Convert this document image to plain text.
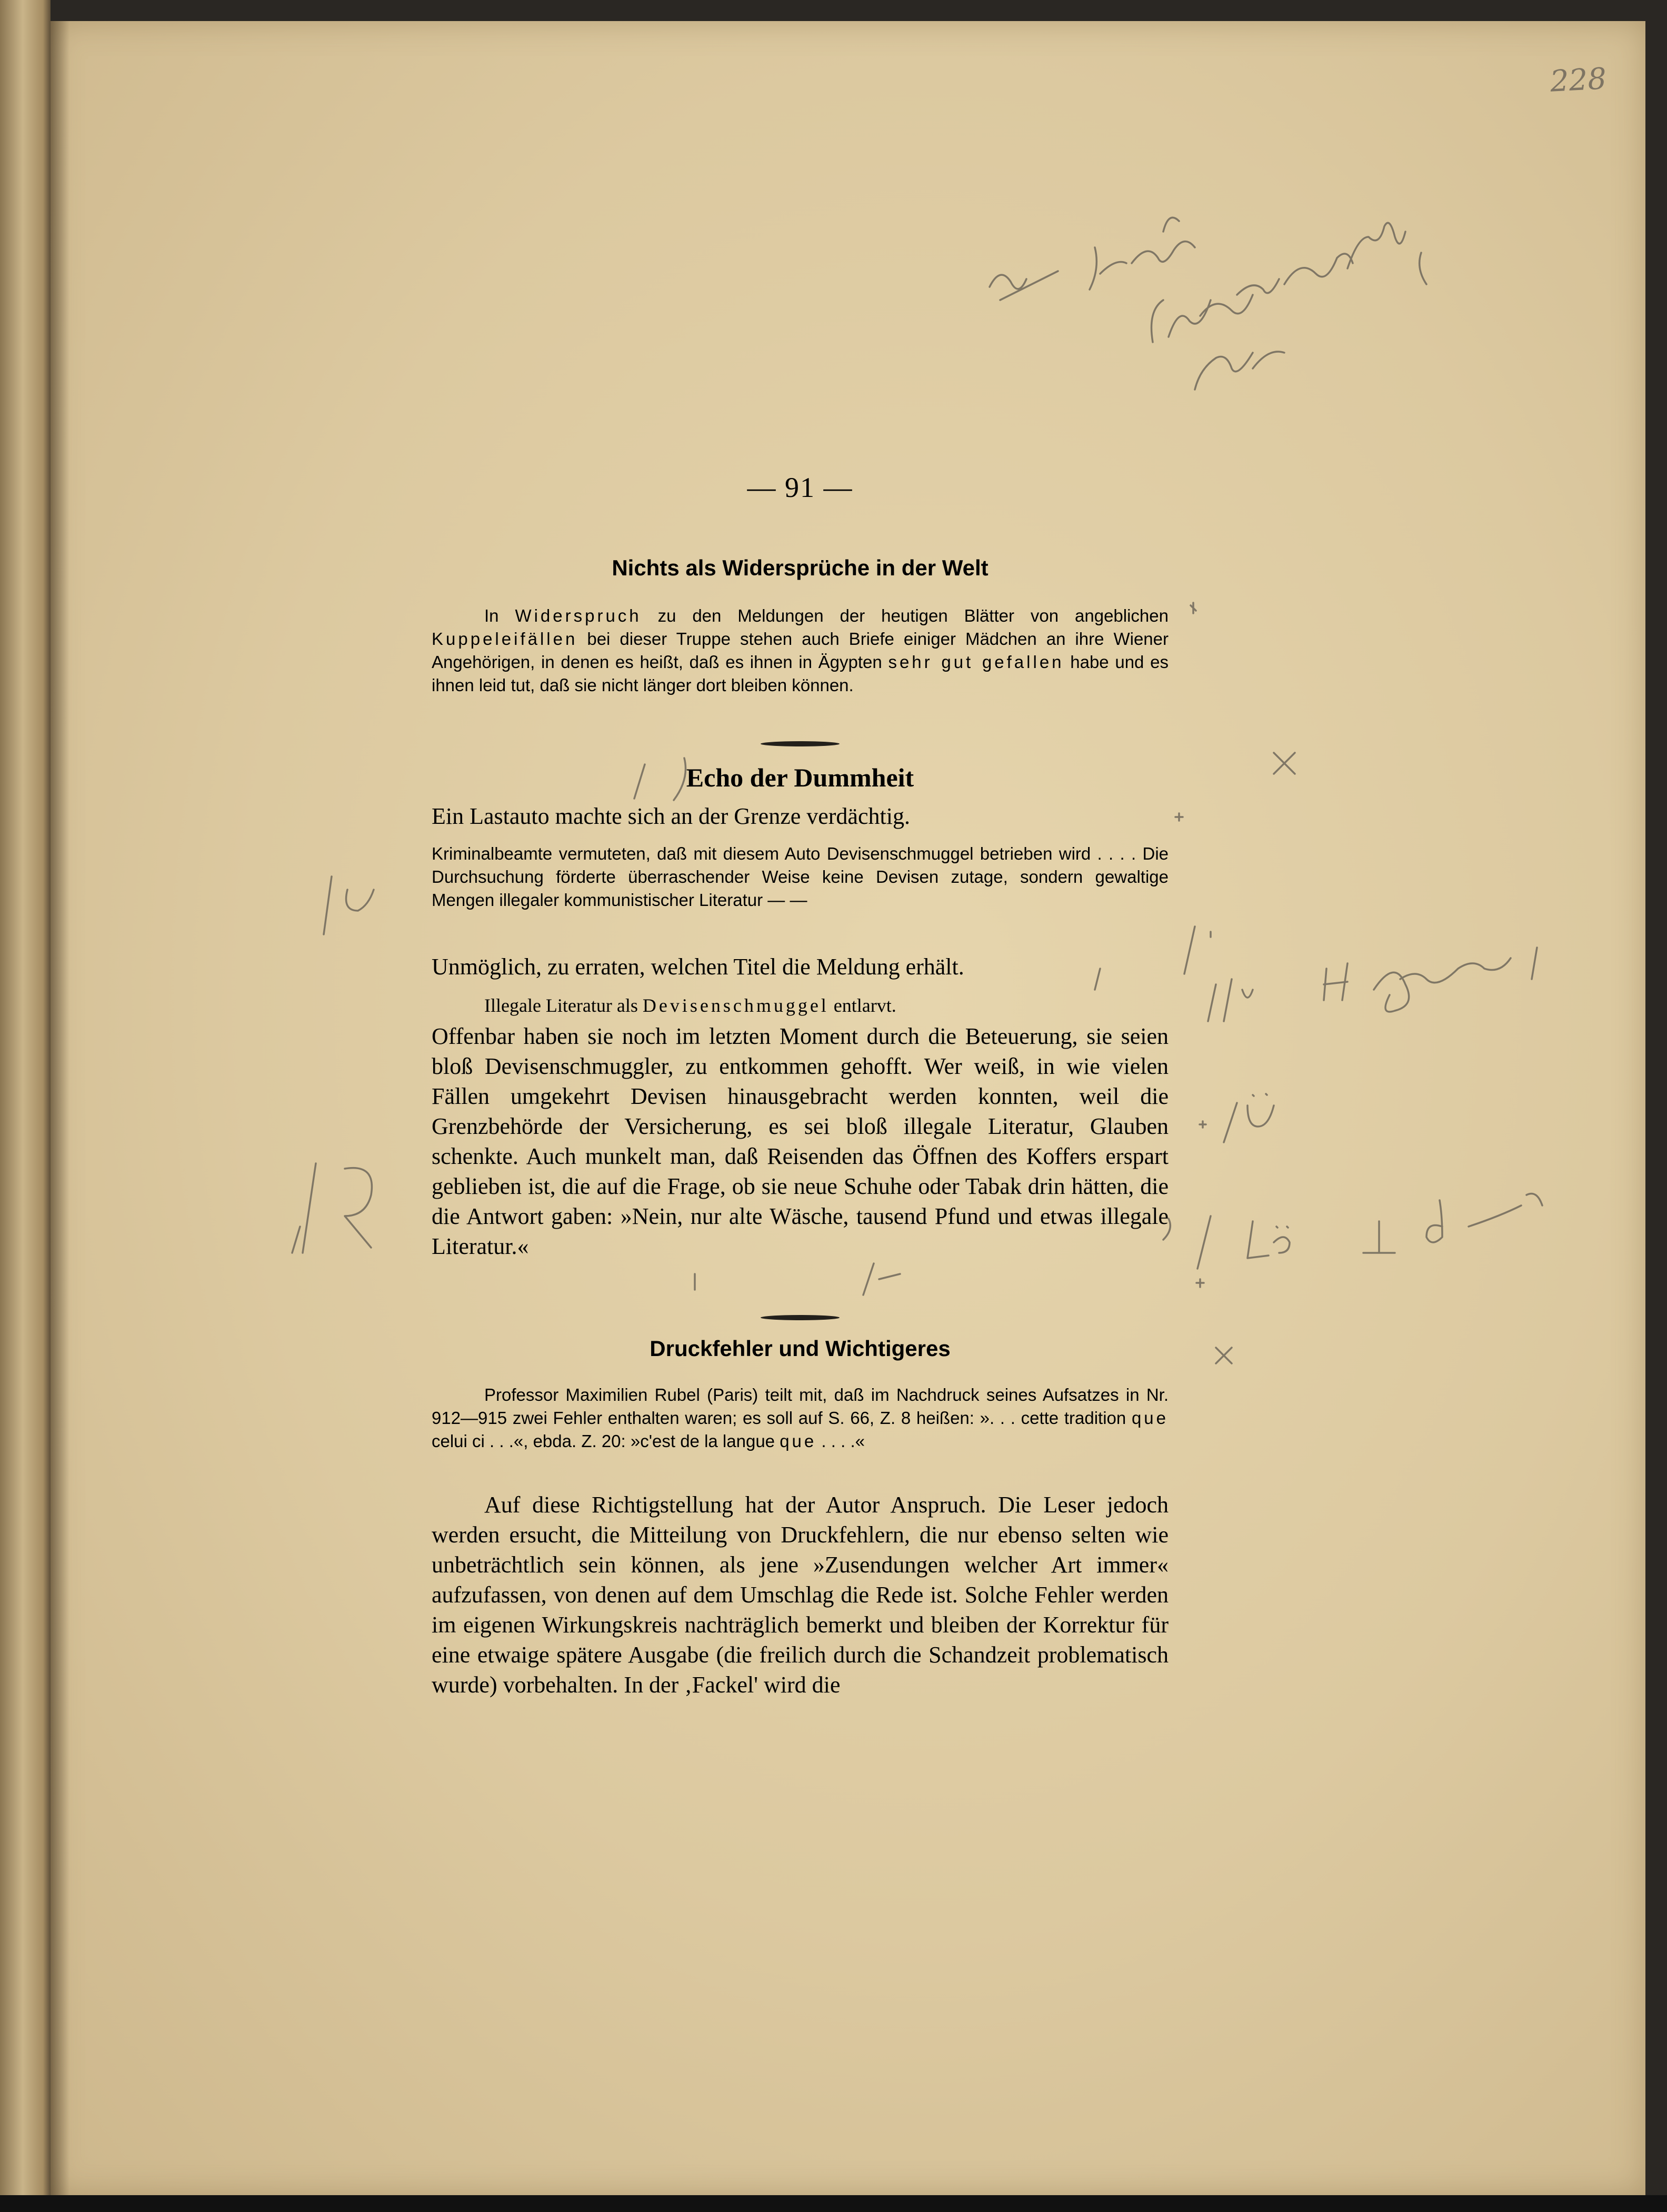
228
— 91 —
Nichts als Widersprüche in der Welt

In Widerspruch zu den Meldungen der heutigen Blätter von angeblichen Kuppeleifällen bei dieser Truppe stehen auch Briefe einiger Mädchen an ihre Wiener Angehörigen, in denen es heißt, daß es ihnen in Ägypten sehr gut gefallen habe und es ihnen leid tut, daß sie nicht länger dort bleiben können.

Echo der Dummheit

Ein Lastauto machte sich an der Grenze verdächtig.

Kriminalbeamte vermuteten, daß mit diesem Auto Devisenschmuggel betrieben wird . . . . Die Durchsuchung förderte überraschender Weise keine Devisen zutage, sondern gewaltige Mengen illegaler kommunistischer Literatur — —

Unmöglich, zu erraten, welchen Titel die Meldung erhält.

Illegale Literatur als Devisenschmuggel entlarvt.

Offenbar haben sie noch im letzten Moment durch die Beteuerung, sie seien bloß Devisenschmuggler, zu entkommen gehofft. Wer weiß, in wie vielen Fällen umgekehrt Devisen hinausgebracht werden konnten, weil die Grenzbehörde der Versicherung, es sei bloß illegale Literatur, Glauben schenkte. Auch munkelt man, daß Reisenden das Öffnen des Koffers erspart geblieben ist, die auf die Frage, ob sie neue Schuhe oder Tabak drin hätten, die die Antwort gaben: »Nein, nur alte Wäsche, tausend Pfund und etwas illegale Literatur.«

Druckfehler und Wichtigeres

Professor Maximilien Rubel (Paris) teilt mit, daß im Nachdruck seines Aufsatzes in Nr. 912—915 zwei Fehler enthalten waren; es soll auf S. 66, Z. 8 heißen: ». . . cette tradition que celui ci . . .«, ebda. Z. 20: »c'est de la langue que . . . .«

Auf diese Richtigstellung hat der Autor Anspruch. Die Leser jedoch werden ersucht, die Mitteilung von Druckfehlern, die nur ebenso selten wie unbeträchtlich sein können, als jene »Zusendungen welcher Art immer« aufzufassen, von denen auf dem Umschlag die Rede ist. Solche Fehler werden im eigenen Wirkungskreis nachträglich bemerkt und bleiben der Korrektur für eine etwaige spätere Ausgabe (die freilich durch die Schandzeit problematisch wurde) vorbehalten. In der ‚Fackel' wird die
